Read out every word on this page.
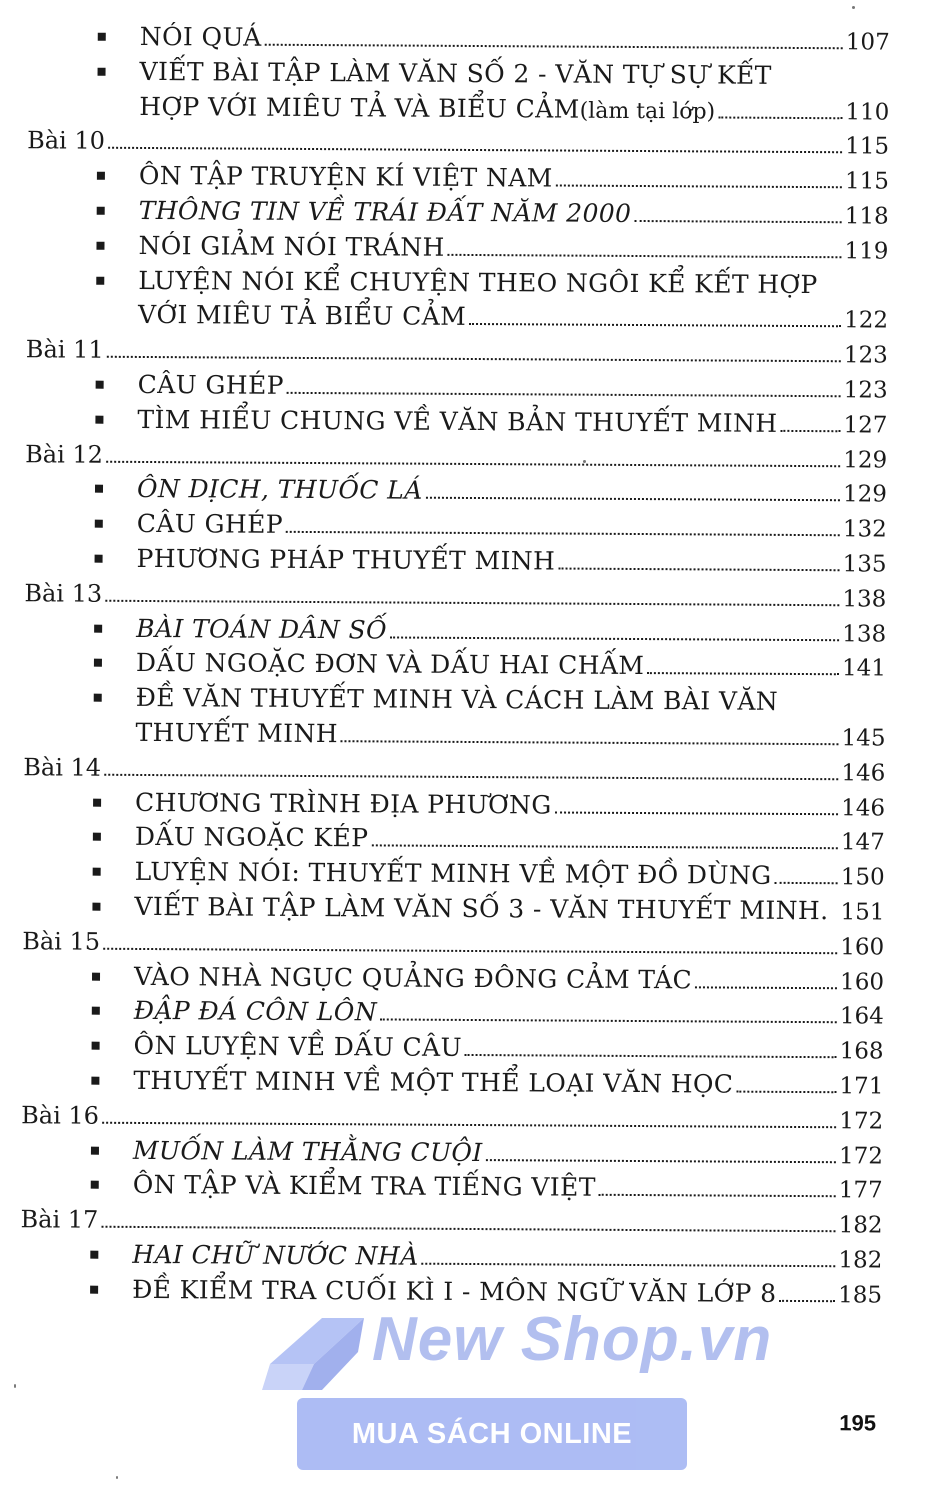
NÓI QUÁ	107
VIẾT BÀI TẬP LÀM VĂN SỐ 2 - VĂN TỰ SỰ KẾT
HỢP VỚI MIÊU TẢ VÀ BIỂU CẢM (làm tại lớp)	110
Bài 10	115
ÔN TẬP TRUYỆN KÍ VIỆT NAM	115
THÔNG TIN VỀ TRÁI ĐẤT NĂM 2000	118
NÓI GIẢM NÓI TRÁNH	119
LUYỆN NÓI KỂ CHUYỆN THEO NGÔI KỂ KẾT HỢP
VỚI MIÊU TẢ BIỂU CẢM	122
Bài 11	123
CÂU GHÉP	123
TÌM HIỂU CHUNG VỀ VĂN BẢN THUYẾT MINH	127
Bài 12	129
ÔN DỊCH, THUỐC LÁ	129
CÂU GHÉP	132
PHƯƠNG PHÁP THUYẾT MINH	135
Bài 13	138
BÀI TOÁN DÂN SỐ	138
DẤU NGOẶC ĐƠN VÀ DẤU HAI CHẤM	141
ĐỀ VĂN THUYẾT MINH VÀ CÁCH LÀM BÀI VĂN
THUYẾT MINH	145
Bài 14	146
CHƯƠNG TRÌNH ĐỊA PHƯƠNG	146
DẤU NGOẶC KÉP	147
LUYỆN NÓI: THUYẾT MINH VỀ MỘT ĐỒ DÙNG	150
VIẾT BÀI TẬP LÀM VĂN SỐ 3 - VĂN THUYẾT MINH. 151
Bài 15	160
VÀO NHÀ NGỤC QUẢNG ĐÔNG CẢM TÁC	160
ĐẬP ĐÁ CÔN LÔN	164
ÔN LUYỆN VỀ DẤU CÂU	168
THUYẾT MINH VỀ MỘT THỂ LOẠI VĂN HỌC	171
Bài 16	172
MUỐN LÀM THẰNG CUỘI	172
ÔN TẬP VÀ KIỂM TRA TIẾNG VIỆT	177
Bài 17	182
HAI CHỮ NƯỚC NHÀ	182
ĐỀ KIỂM TRA CUỐI KÌ I - MÔN NGỮ VĂN LỚP 8	185
195
New Shop.vn
MUA SÁCH ONLINE
